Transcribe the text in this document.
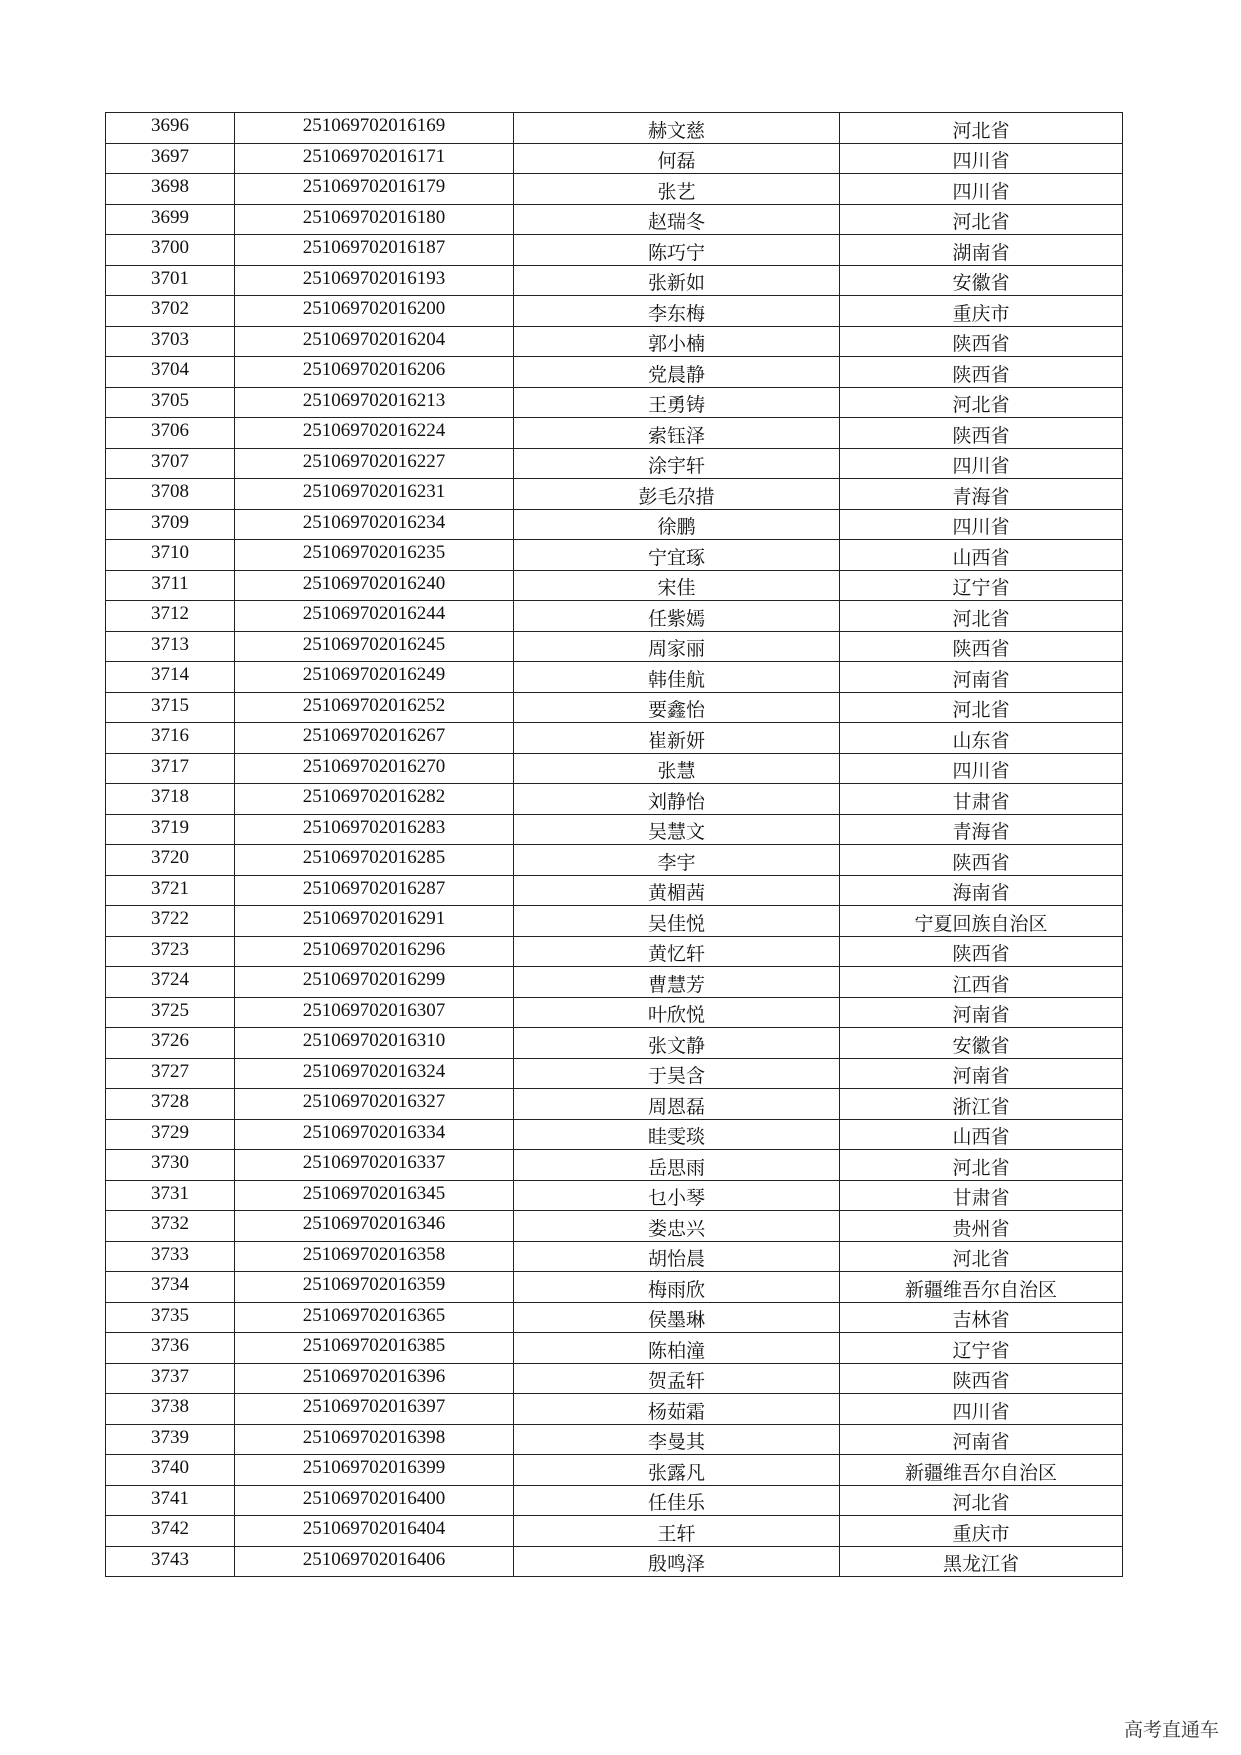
3696	251069702016169	赫文慈	河北省
3697	251069702016171	何磊	四川省
3698	251069702016179	张艺	四川省
3699	251069702016180	赵瑞冬	河北省
3700	251069702016187	陈巧宁	湖南省
3701	251069702016193	张新如	安徽省
3702	251069702016200	李东梅	重庆市
3703	251069702016204	郭小楠	陕西省
3704	251069702016206	党晨静	陕西省
3705	251069702016213	王勇铸	河北省
3706	251069702016224	索钰泽	陕西省
3707	251069702016227	涂宇轩	四川省
3708	251069702016231	彭毛尕措	青海省
3709	251069702016234	徐鹏	四川省
3710	251069702016235	宁宜琢	山西省
3711	251069702016240	宋佳	辽宁省
3712	251069702016244	任紫嫣	河北省
3713	251069702016245	周家丽	陕西省
3714	251069702016249	韩佳航	河南省
3715	251069702016252	要鑫怡	河北省
3716	251069702016267	崔新妍	山东省
3717	251069702016270	张慧	四川省
3718	251069702016282	刘静怡	甘肃省
3719	251069702016283	吴慧文	青海省
3720	251069702016285	李宇	陕西省
3721	251069702016287	黄楣茜	海南省
3722	251069702016291	吴佳悦	宁夏回族自治区
3723	251069702016296	黄忆轩	陕西省
3724	251069702016299	曹慧芳	江西省
3725	251069702016307	叶欣悦	河南省
3726	251069702016310	张文静	安徽省
3727	251069702016324	于昊含	河南省
3728	251069702016327	周恩磊	浙江省
3729	251069702016334	眭雯琰	山西省
3730	251069702016337	岳思雨	河北省
3731	251069702016345	乜小琴	甘肃省
3732	251069702016346	娄忠兴	贵州省
3733	251069702016358	胡怡晨	河北省
3734	251069702016359	梅雨欣	新疆维吾尔自治区
3735	251069702016365	侯墨琳	吉林省
3736	251069702016385	陈柏潼	辽宁省
3737	251069702016396	贺孟轩	陕西省
3738	251069702016397	杨茹霜	四川省
3739	251069702016398	李曼其	河南省
3740	251069702016399	张露凡	新疆维吾尔自治区
3741	251069702016400	任佳乐	河北省
3742	251069702016404	王轩	重庆市
3743	251069702016406	殷鸣泽	黑龙江省
高考直通车
